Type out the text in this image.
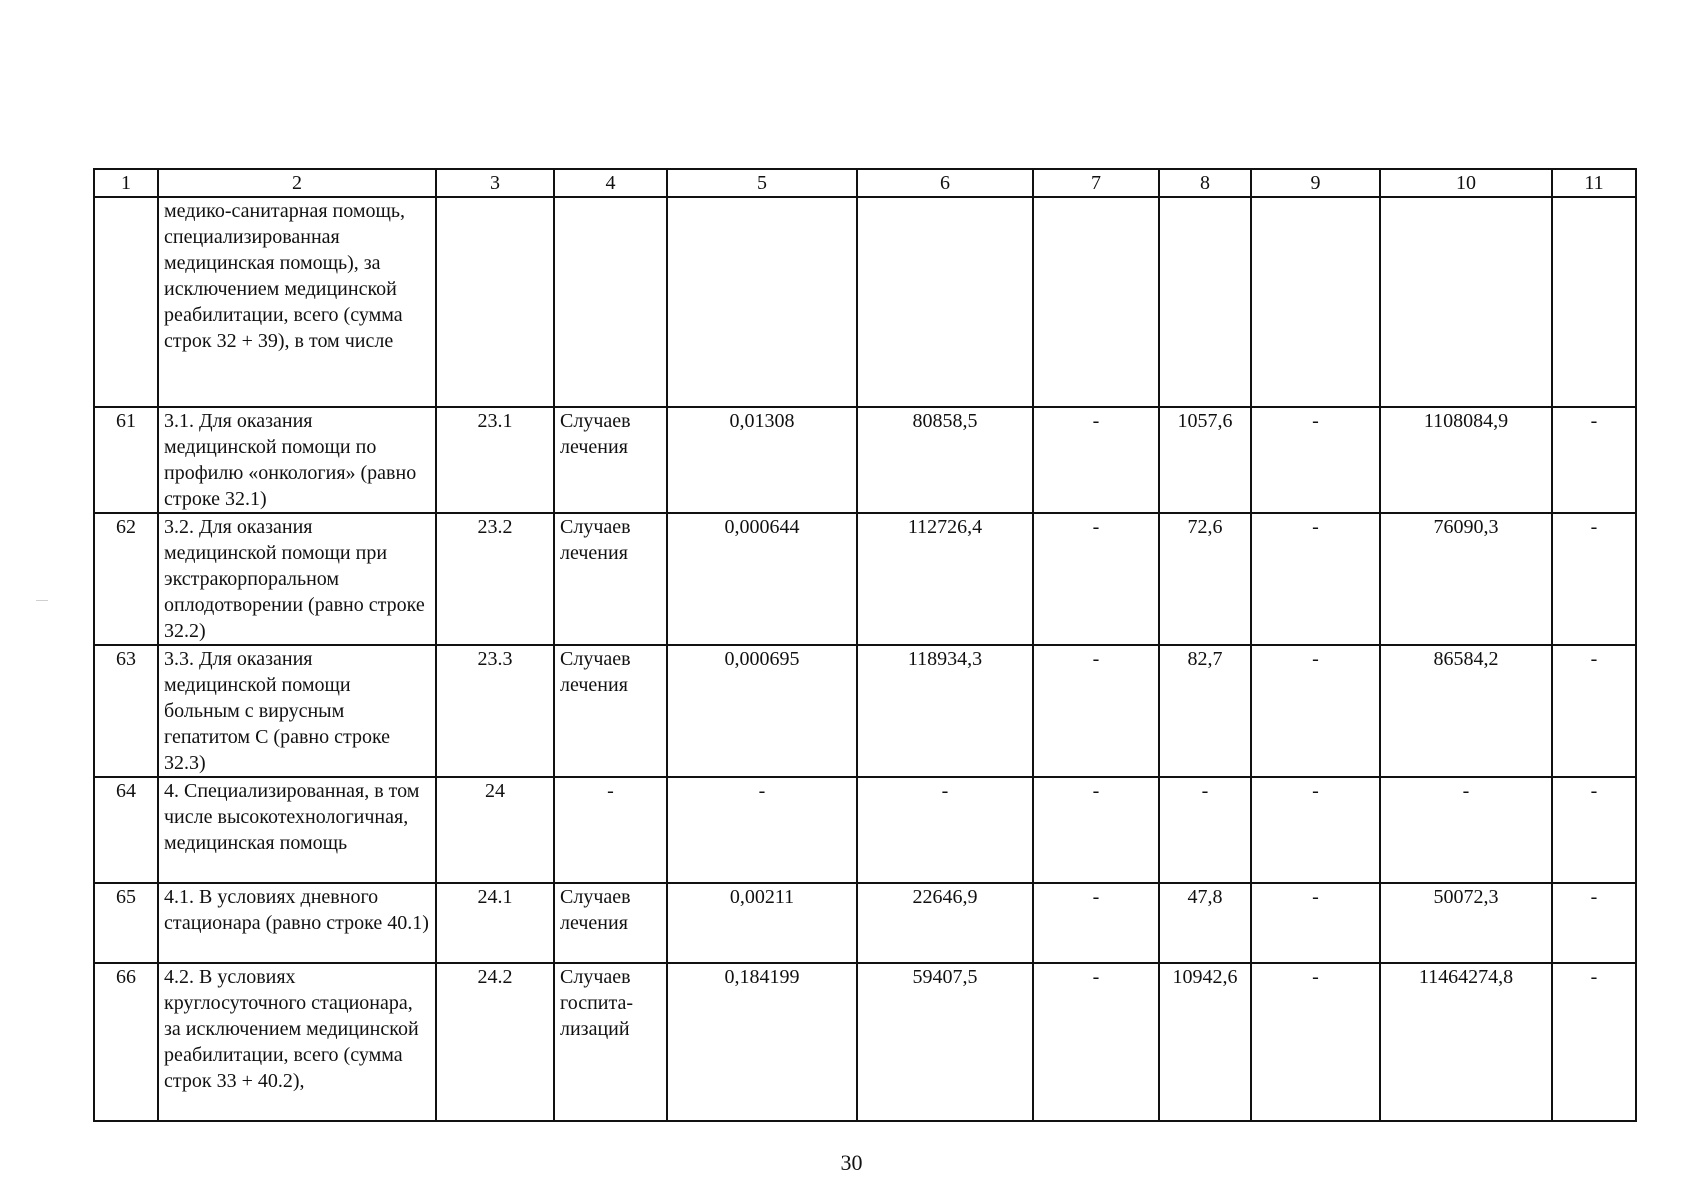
1	2	3	4	5	6	7	8	9	10	11
	медико-санитарная помощь, специализированная медицинская помощь), за исключением медицинской реабилитации, всего (сумма строк 32 + 39), в том числе									
61	3.1. Для оказания медицинской помощи по профилю «онкология» (равно строке 32.1)	23.1	Случаев лечения	0,01308	80858,5	-	1057,6	-	1108084,9	-
62	3.2. Для оказания медицинской помощи при экстракорпоральном оплодотворении (равно строке 32.2)	23.2	Случаев лечения	0,000644	112726,4	-	72,6	-	76090,3	-
63	3.3. Для оказания медицинской помощи больным с вирусным гепатитом С (равно строке 32.3)	23.3	Случаев лечения	0,000695	118934,3	-	82,7	-	86584,2	-
64	4. Специализированная, в том числе высокотехнологичная, медицинская помощь	24	-	-	-	-	-	-	-	-
65	4.1. В условиях дневного стационара (равно строке 40.1)	24.1	Случаев лечения	0,00211	22646,9	-	47,8	-	50072,3	-
66	4.2. В условиях круглосуточного стационара, за исключением медицинской реабилитации, всего (сумма строк 33 + 40.2),	24.2	Случаев госпита-лизаций	0,184199	59407,5	-	10942,6	-	11464274,8	-
30
